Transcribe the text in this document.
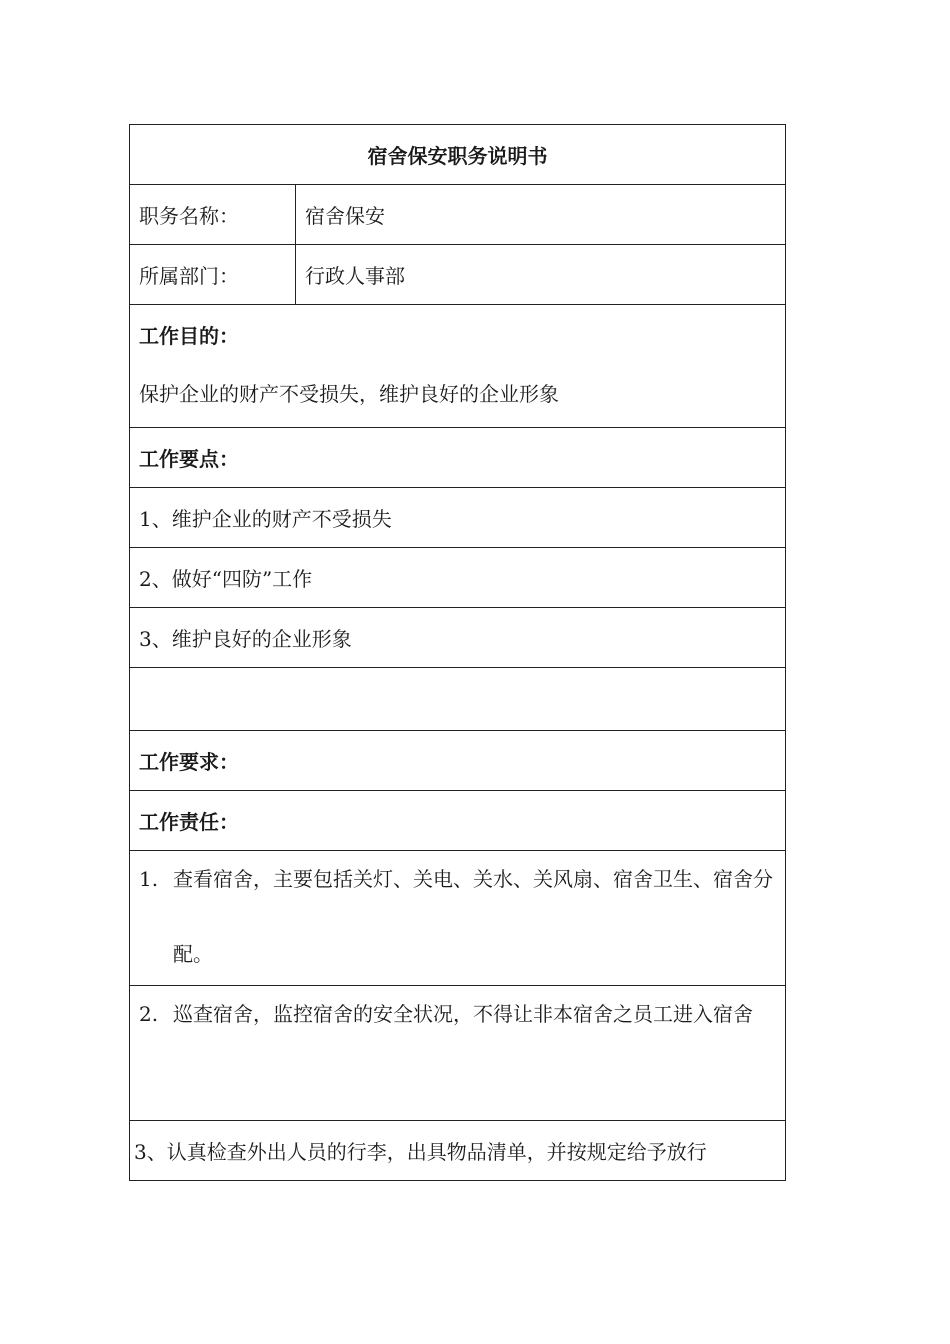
宿舍保安职务说明书
职务名称：	宿舍保安
所属部门：	行政人事部
工作目的：
保护企业的财产不受损失，维护良好的企业形象
工作要点：
1、维护企业的财产不受损失
2、做好“四防”工作
3、维护良好的企业形象
工作要求：
工作责任：
1. 查看宿舍，主要包括关灯、关电、关水、关风扇、宿舍卫生、宿舍分配。
2. 巡查宿舍，监控宿舍的安全状况，不得让非本宿舍之员工进入宿舍
3、认真检查外出人员的行李，出具物品清单，并按规定给予放行
